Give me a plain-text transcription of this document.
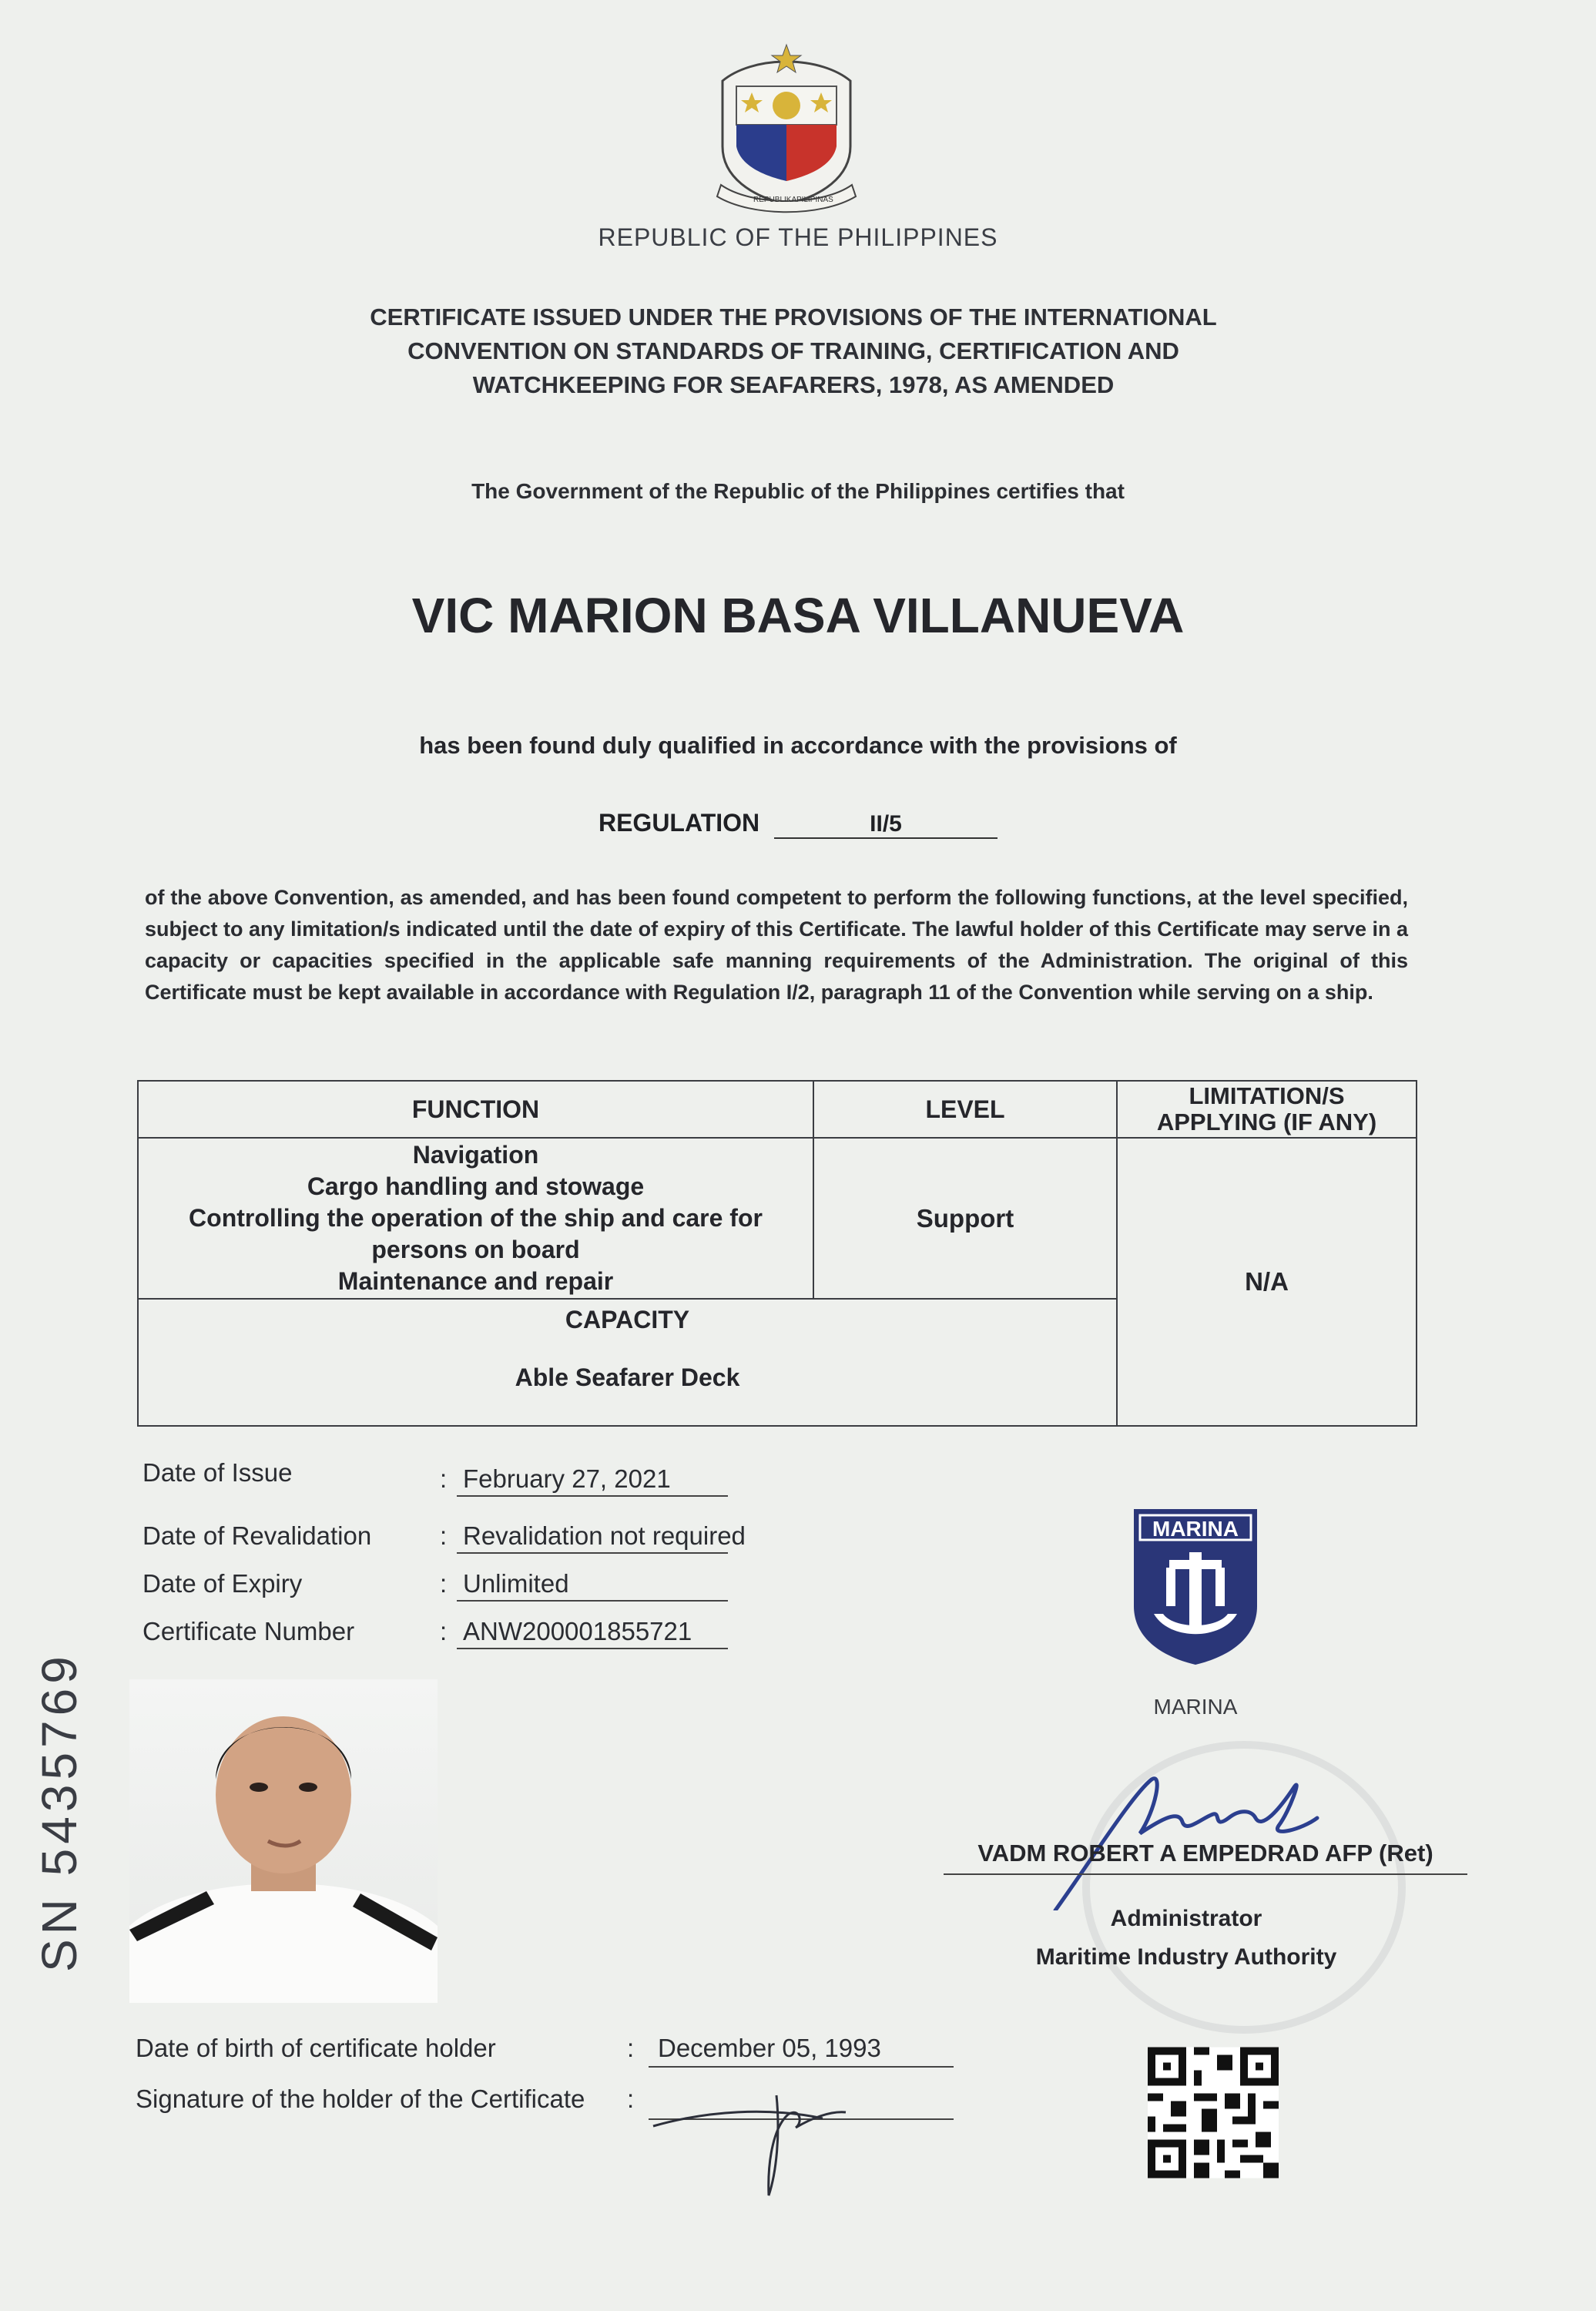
SN 5435769
REPUBLIKA PILIPINAS
REPUBLIC OF THE PHILIPPINES
CERTIFICATE ISSUED UNDER THE PROVISIONS OF THE INTERNATIONAL
CONVENTION ON STANDARDS OF TRAINING, CERTIFICATION AND
WATCHKEEPING FOR SEAFARERS, 1978, AS AMENDED
The Government of the Republic of the Philippines certifies that
VIC MARION BASA VILLANUEVA
has been found duly qualified in accordance with the provisions of
REGULATION	II/5
of the above Convention, as amended, and has been found competent to perform the following functions, at the level specified, subject to any limitation/s indicated until the date of expiry of this Certificate. The lawful holder of this Certificate may serve in a capacity or capacities specified in the applicable safe manning requirements of the Administration. The original of this Certificate must be kept available in accordance with Regulation I/2, paragraph 11 of the Convention while serving on a ship.
FUNCTION	LEVEL	LIMITATION/S
APPLYING (IF ANY)

Navigation
Cargo handling and stowage
Controlling the operation of the ship and care for
persons on board
Maintenance and repair	Support	N/A

CAPACITY
Able Seafarer Deck		
Date of Issue	: February 27, 2021
Date of Revalidation	: Revalidation not required
Date of Expiry	: Unlimited
Certificate Number	: ANW200001855721
MARINA
MARINA
VADM ROBERT A EMPEDRAD AFP (Ret)
Administrator
Maritime Industry Authority
Date of birth of certificate holder	: December 05, 1993
Signature of the holder of the Certificate :
